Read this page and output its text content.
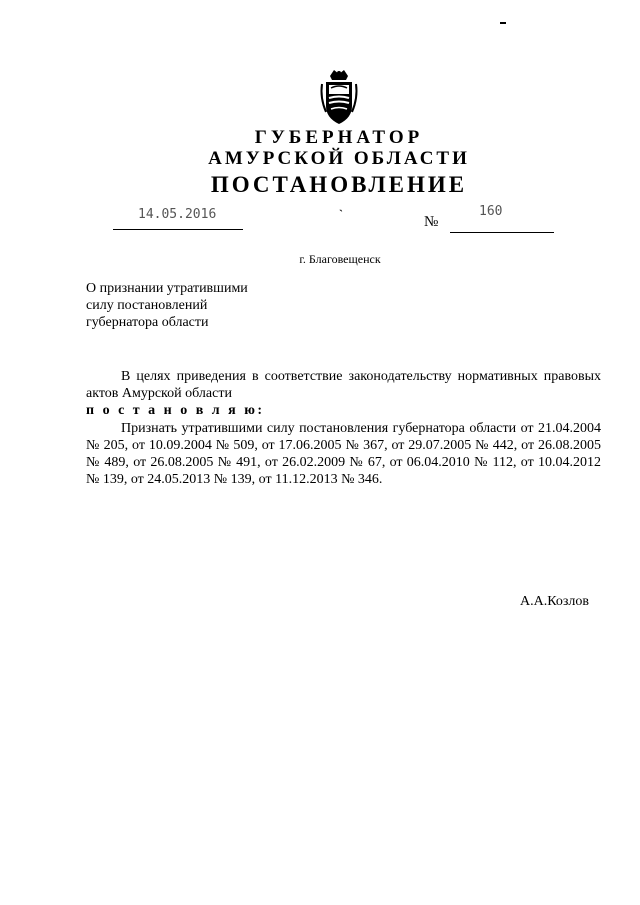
ГУБЕРНАТОР
АМУРСКОЙ ОБЛАСТИ
ПОСТАНОВЛЕНИЕ
14.05.2016	ˋ	№
160
г. Благовещенск
О признании утратившими
силу постановлений
губернатора области

В целях приведения в соответствие законодательству нормативных правовых актов Амурской области

п о с т а н о в л я ю:

Признать утратившими силу постановления губернатора области от 21.04.2004 № 205, от 10.09.2004 № 509, от 17.06.2005 № 367, от 29.07.2005 № 442, от 26.08.2005 № 489, от 26.08.2005 № 491, от 26.02.2009 № 67, от 06.04.2010 № 112, от 10.04.2012 № 139, от 24.05.2013 № 139, от 11.12.2013 № 346.

А.А.Козлов
